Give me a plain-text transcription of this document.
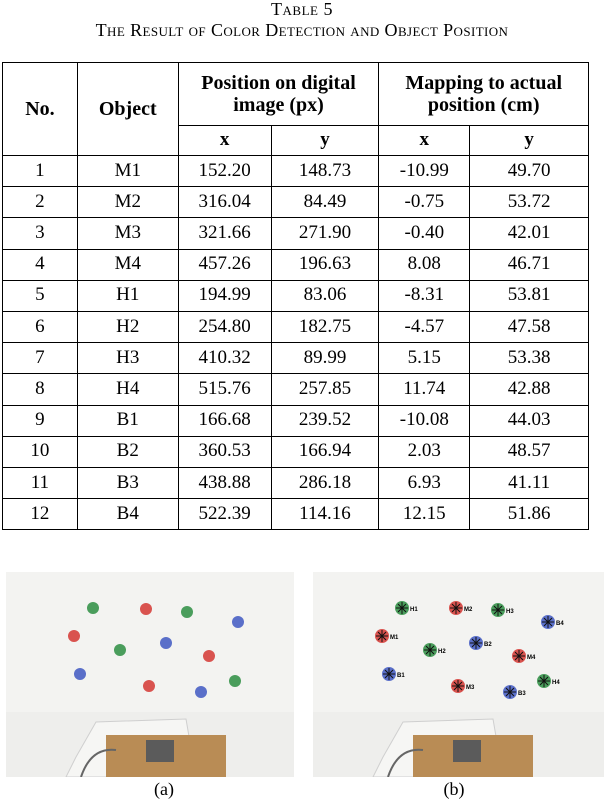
Table 5
The Result of Color Detection and Object Position
No.	Object	Position on digital image (px)		Mapping to actual position (cm)	
		x	y	x	y
1	M1	152.20	148.73	-10.99	49.70
2	M2	316.04	84.49	-0.75	53.72
3	M3	321.66	271.90	-0.40	42.01
4	M4	457.26	196.63	8.08	46.71
5	H1	194.99	83.06	-8.31	53.81
6	H2	254.80	182.75	-4.57	47.58
7	H3	410.32	89.99	5.15	53.38
8	H4	515.76	257.85	11.74	42.88
9	B1	166.68	239.52	-10.08	44.03
10	B2	360.53	166.94	2.03	48.57
11	B3	438.88	286.18	6.93	41.11
12	B4	522.39	114.16	12.15	51.86
H1	M2	H3
B4
M1
B2
H2
M4
B1
M3
H4
B3
(a)	(b)
